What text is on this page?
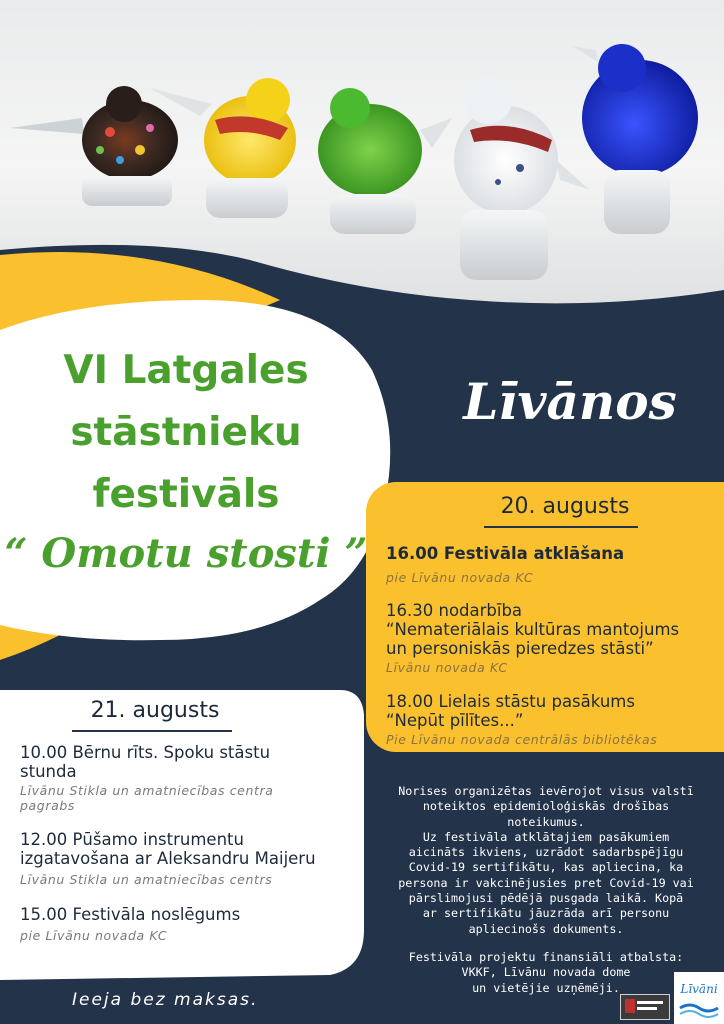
VI Latgales
stāstnieku
festivāls
“ Omotu stosti ”
Līvānos
20. augusts
16.00 Festivāla atklāšana
pie Līvānu novada KC
16.30 nodarbība
“Nemateriālais kultūras mantojums
un personiskās pieredzes stāsti”
Līvānu novada KC
18.00 Lielais stāstu pasākums
“Nepūt pīlītes...”
Pie Līvānu novada centrālās bibliotēkas
21. augusts
10.00 Bērnu rīts. Spoku stāstu
stunda
Līvānu Stikla un amatniecības centra
pagrabs
12.00 Pūšamo instrumentu
izgatavošana ar Aleksandru Maijeru
Līvānu Stikla un amatniecības centrs
15.00 Festivāla noslēgums
pie Līvānu novada KC
Norises organizētas ievērojot visus valstī
noteiktos epidemioloģiskās drošības
noteikumus.
Uz festivāla atklātajiem pasākumiem
aicināts ikviens, uzrādot sadarbspējīgu
Covid-19 sertifikātu, kas apliecina, ka
persona ir vakcinējusies pret Covid-19 vai
pārslimojusi pēdējā pusgada laikā. Kopā
ar sertifikātu jāuzrāda arī personu
apliecinošs dokuments.
Festivāla projektu finansiāli atbalsta:
VKKF, Līvānu novada dome
un vietējie uzņēmēji.
Ieeja bez maksas.
Līvāni
